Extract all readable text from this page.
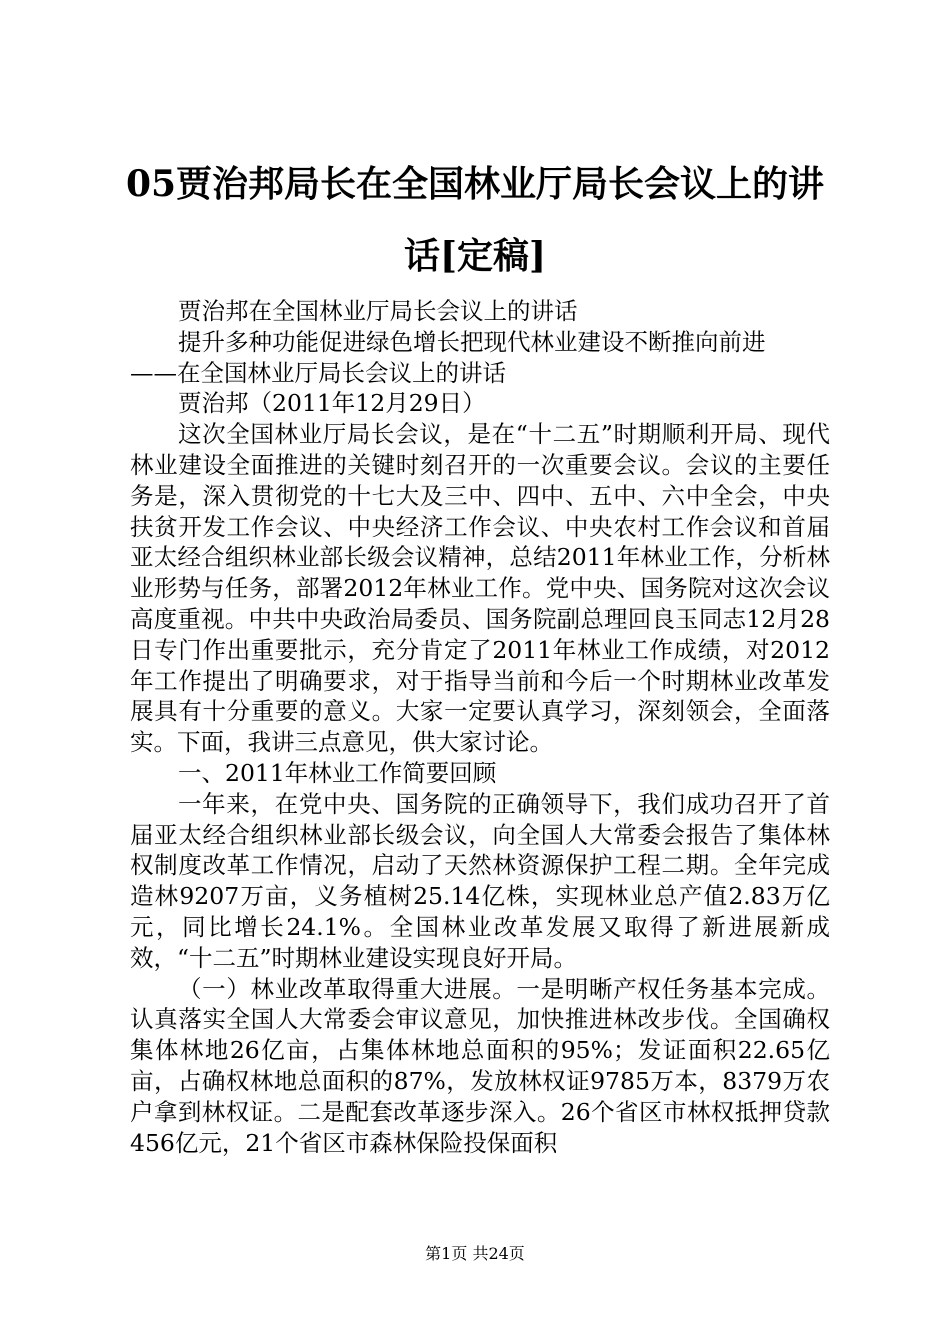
05贾治邦局长在全国林业厅局长会议上的讲
话[定稿]

贾治邦在全国林业厅局长会议上的讲话

提升多种功能促进绿色增长把现代林业建设不断推向前进

——在全国林业厅局长会议上的讲话

贾治邦（2011年12月29日）

这次全国林业厅局长会议，是在“十二五”时期顺利开局、现代林业建设全面推进的关键时刻召开的一次重要会议。会议的主要任务是，深入贯彻党的十七大及三中、四中、五中、六中全会，中央扶贫开发工作会议、中央经济工作会议、中央农村工作会议和首届亚太经合组织林业部长级会议精神，总结2011年林业工作，分析林业形势与任务，部署2012年林业工作。党中央、国务院对这次会议高度重视。中共中央政治局委员、国务院副总理回良玉同志12月28日专门作出重要批示，充分肯定了2011年林业工作成绩，对2012年工作提出了明确要求，对于指导当前和今后一个时期林业改革发展具有十分重要的意义。大家一定要认真学习，深刻领会，全面落实。下面，我讲三点意见，供大家讨论。

一、2011年林业工作简要回顾

一年来，在党中央、国务院的正确领导下，我们成功召开了首届亚太经合组织林业部长级会议，向全国人大常委会报告了集体林权制度改革工作情况，启动了天然林资源保护工程二期。全年完成造林9207万亩，义务植树25.14亿株，实现林业总产值2.83万亿元，同比增长24.1%。全国林业改革发展又取得了新进展新成效，“十二五”时期林业建设实现良好开局。

（一）林业改革取得重大进展。一是明晰产权任务基本完成。认真落实全国人大常委会审议意见，加快推进林改步伐。全国确权集体林地26亿亩，占集体林地总面积的95%；发证面积22.65亿亩，占确权林地总面积的87%，发放林权证9785万本，8379万农户拿到林权证。二是配套改革逐步深入。26个省区市林权抵押贷款456亿元，21个省区市森林保险投保面积

第1页 共24页
